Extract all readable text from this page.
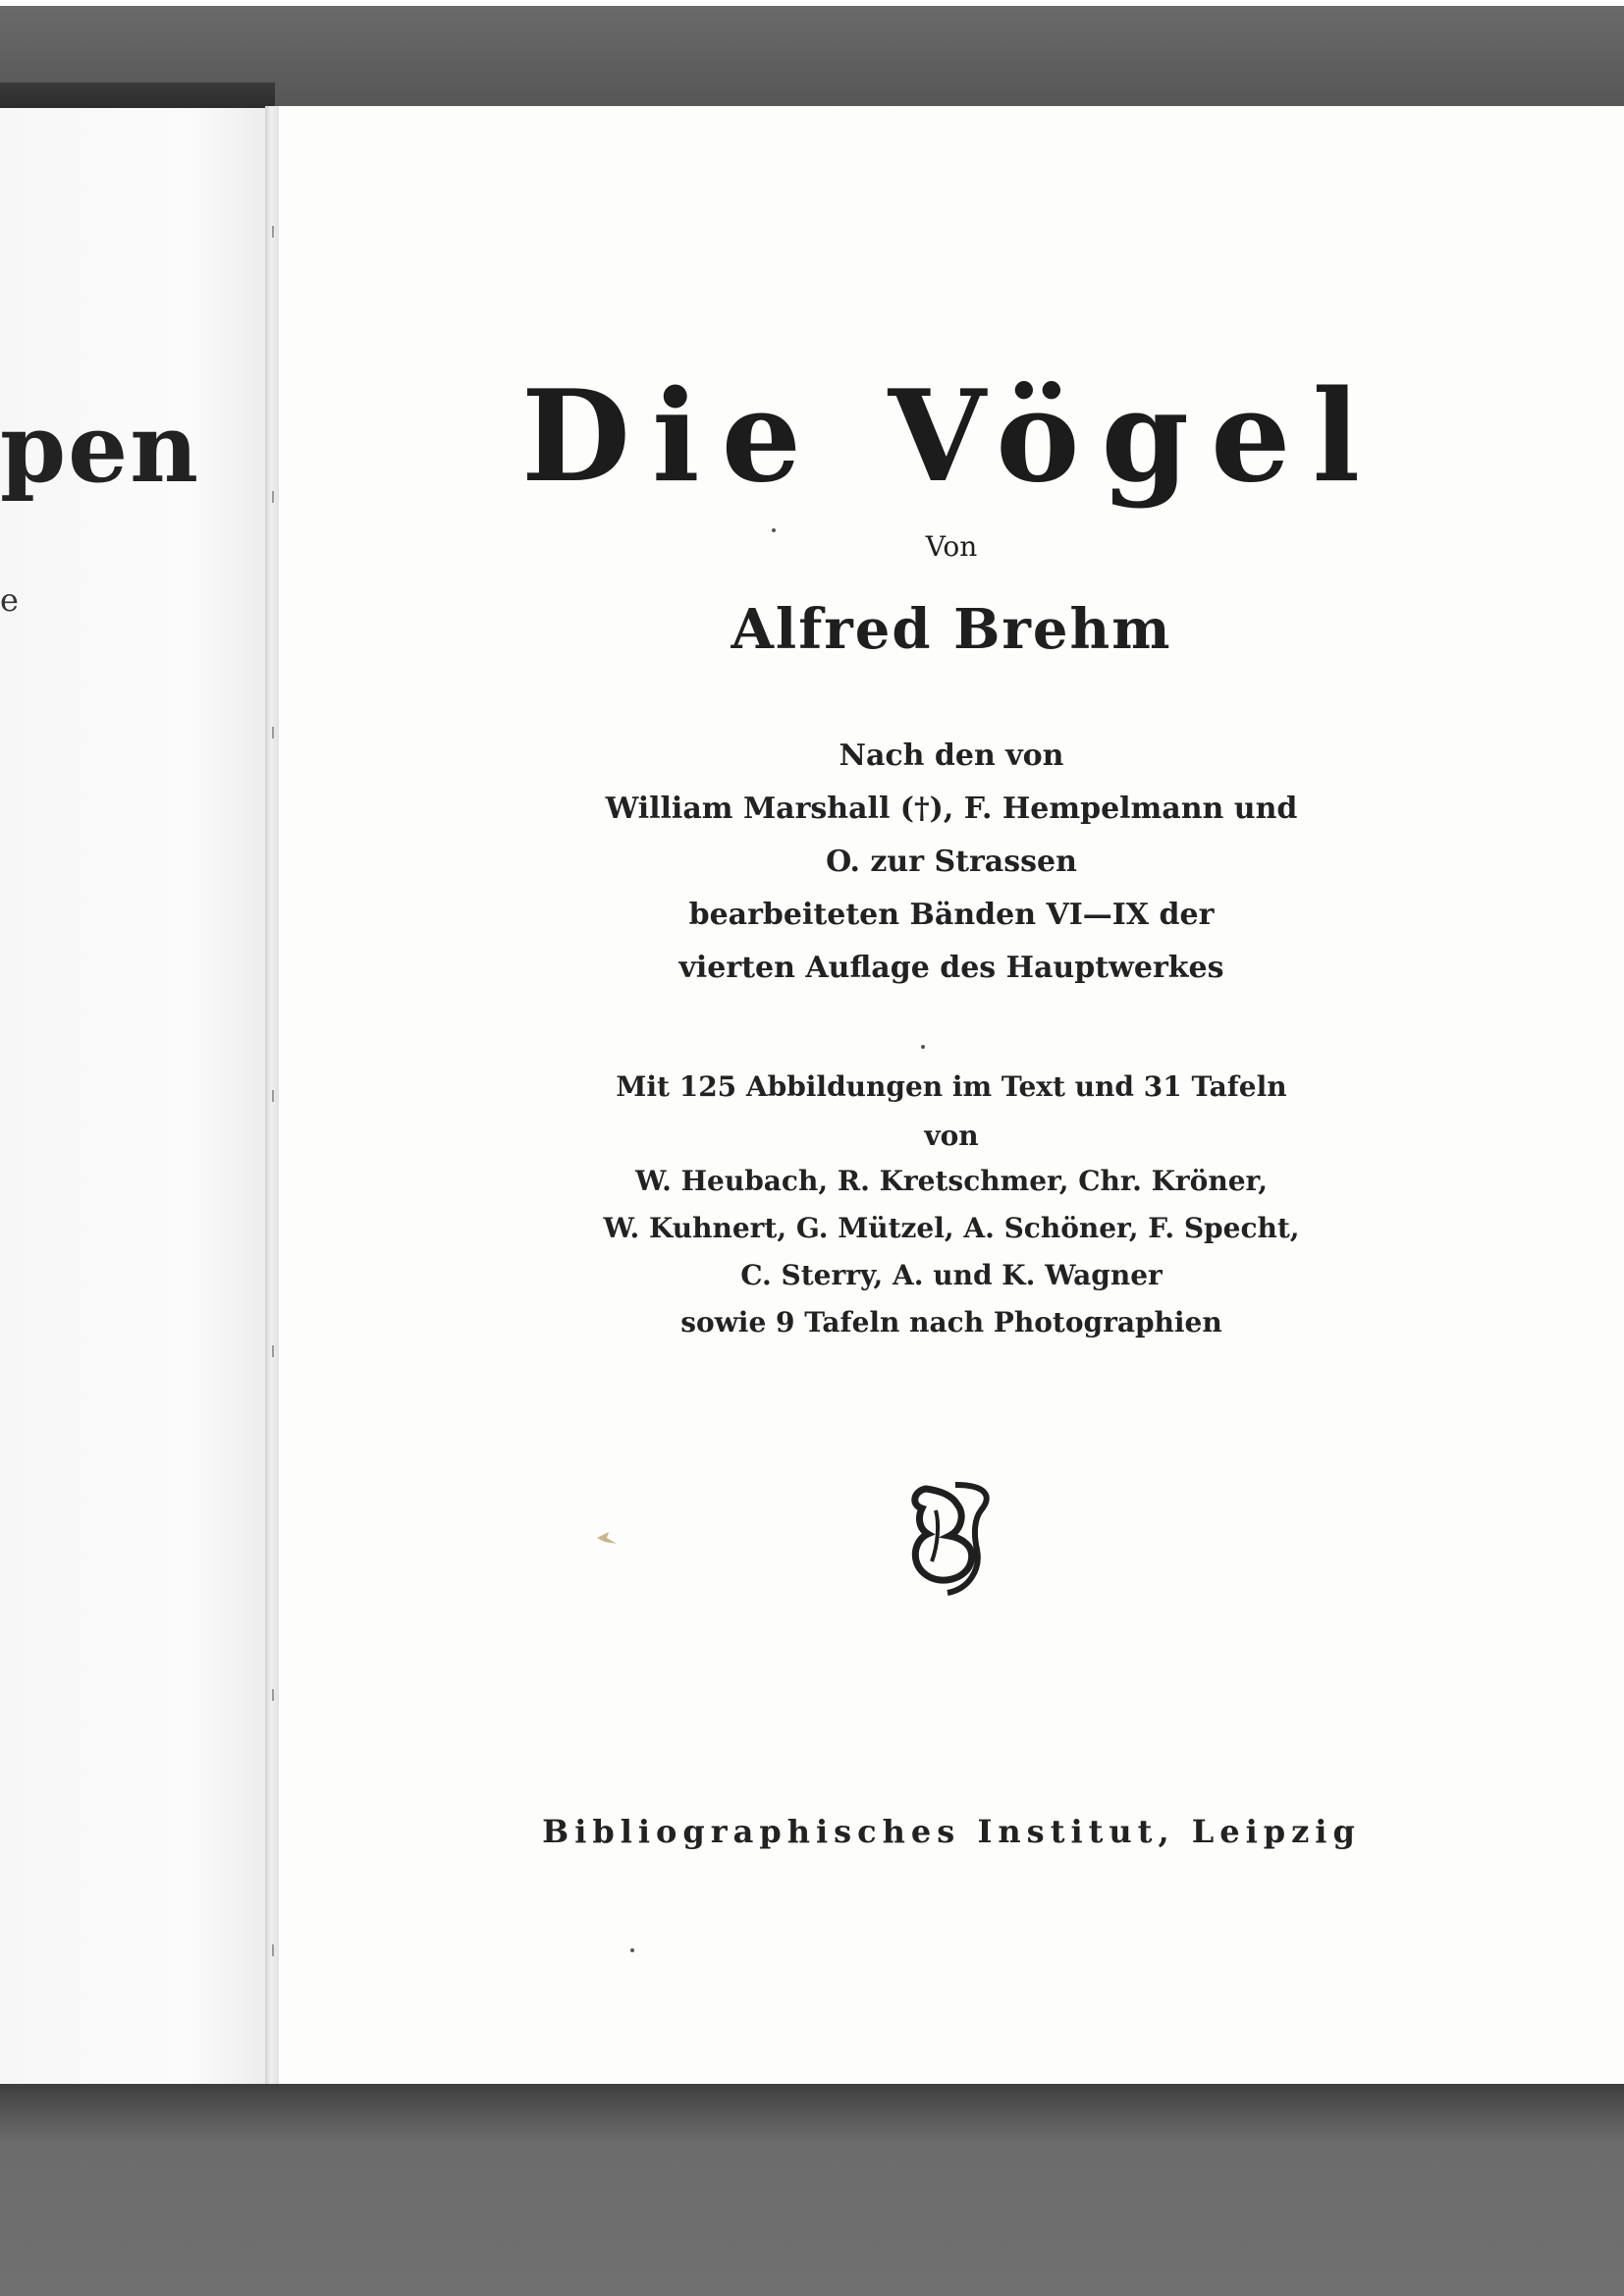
pen
e
Die Vögel
Von
Alfred Brehm
Nach den von
William Marshall (†), F. Hempelmann und
O. zur Strassen
bearbeiteten Bänden VI—IX der
vierten Auflage des Hauptwerkes
Mit 125 Abbildungen im Text und 31 Tafeln
von
W. Heubach, R. Kretschmer, Chr. Kröner,
W. Kuhnert, G. Mützel, A. Schöner, F. Specht,
C. Sterry, A. und K. Wagner
sowie 9 Tafeln nach Photographien
Bibliographisches Institut, Leipzig
